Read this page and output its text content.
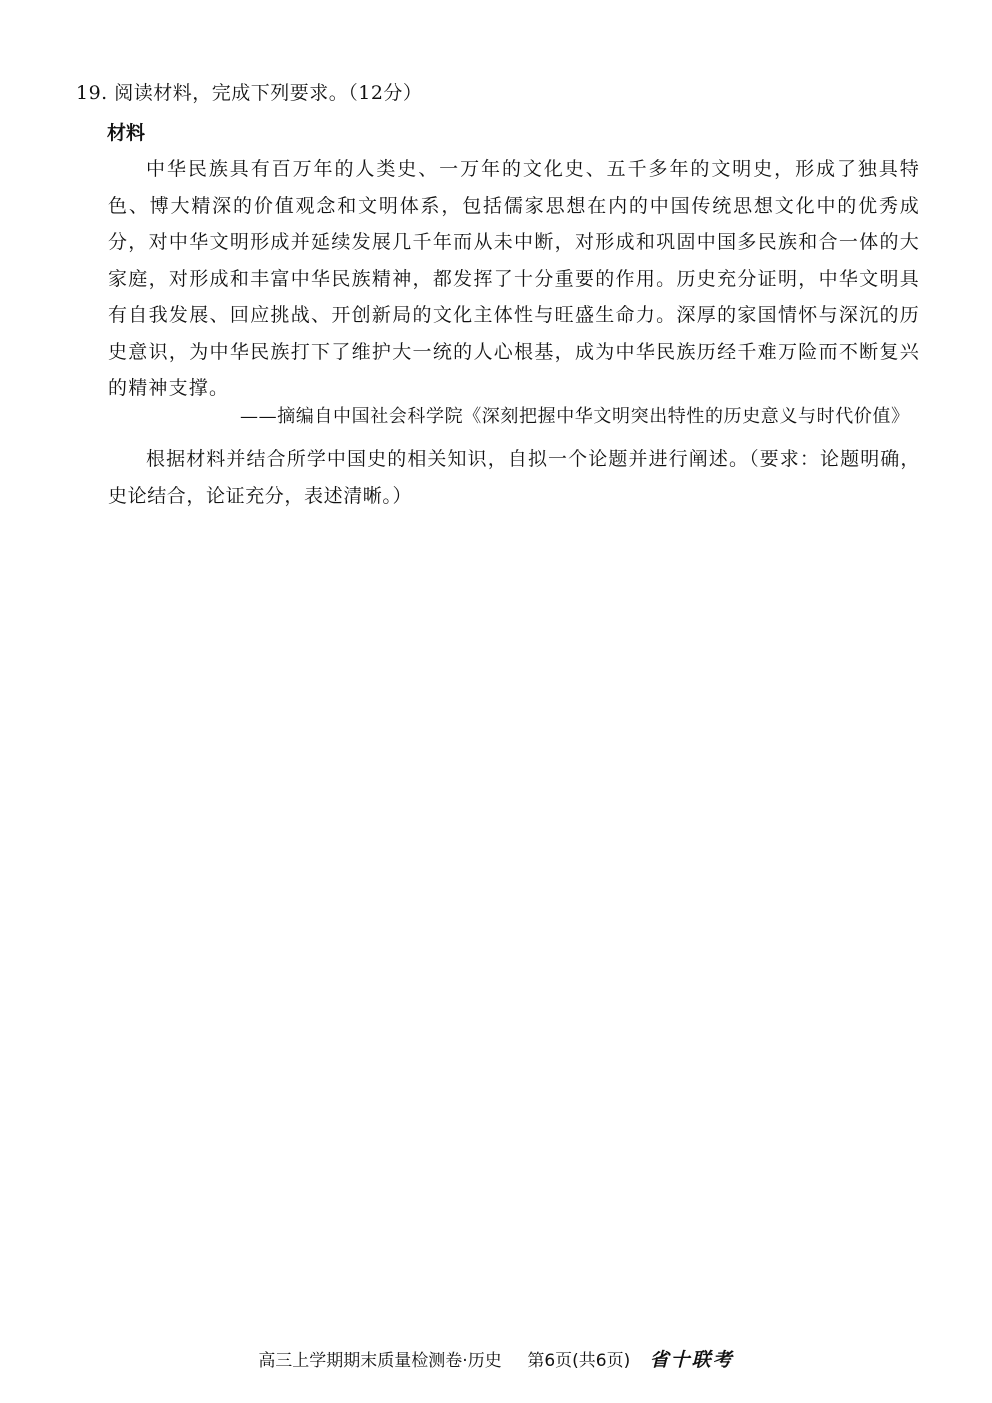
19. 阅读材料，完成下列要求。（12分）
材料

中华民族具有百万年的人类史、一万年的文化史、五千多年的文明史，形成了独具特色、博大精深的价值观念和文明体系，包括儒家思想在内的中国传统思想文化中的优秀成分，对中华文明形成并延续发展几千年而从未中断，对形成和巩固中国多民族和合一体的大家庭，对形成和丰富中华民族精神，都发挥了十分重要的作用。历史充分证明，中华文明具有自我发展、回应挑战、开创新局的文化主体性与旺盛生命力。深厚的家国情怀与深沉的历史意识，为中华民族打下了维护大一统的人心根基，成为中华民族历经千难万险而不断复兴的精神支撑。

——摘编自中国社会科学院《深刻把握中华文明突出特性的历史意义与时代价值》

根据材料并结合所学中国史的相关知识，自拟一个论题并进行阐述。（要求：论题明确，史论结合，论证充分，表述清晰。）

高三上学期期末质量检测卷·历史 第6页(共6页) 省十联考
